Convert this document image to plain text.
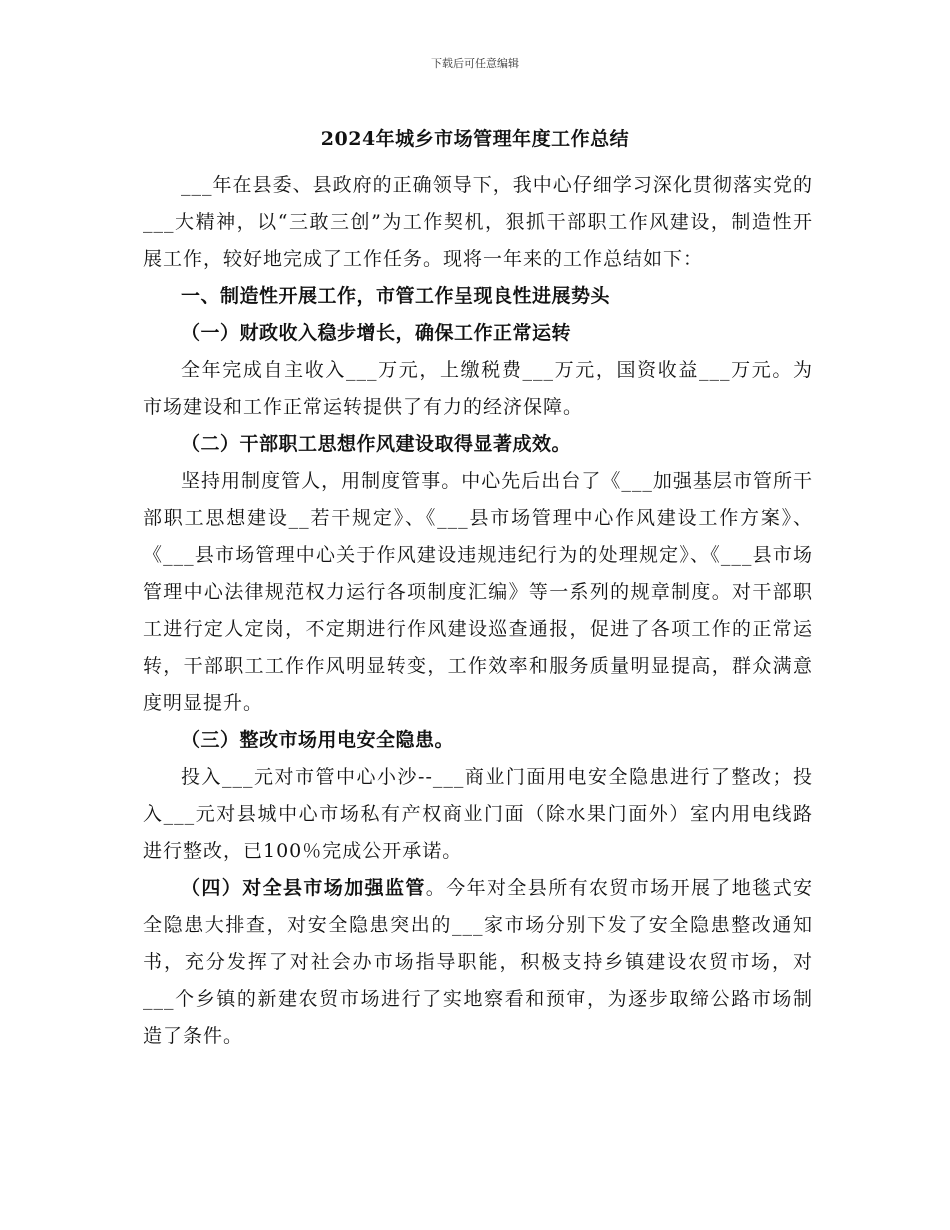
下载后可任意编辑
2024年城乡市场管理年度工作总结

___年在县委、县政府的正确领导下，我中心仔细学习深化贯彻落实党的___大精神，以“三敢三创”为工作契机，狠抓干部职工作风建设，制造性开展工作，较好地完成了工作任务。现将一年来的工作总结如下：

一、制造性开展工作，市管工作呈现良性进展势头

（一）财政收入稳步增长，确保工作正常运转

全年完成自主收入___万元，上缴税费___万元，国资收益___万元。为市场建设和工作正常运转提供了有力的经济保障。

（二）干部职工思想作风建设取得显著成效。

坚持用制度管人，用制度管事。中心先后出台了《___加强基层市管所干部职工思想建设__若干规定》、《___县市场管理中心作风建设工作方案》、《___县市场管理中心关于作风建设违规违纪行为的处理规定》、《___县市场管理中心法律规范权力运行各项制度汇编》等一系列的规章制度。对干部职工进行定人定岗，不定期进行作风建设巡查通报，促进了各项工作的正常运转，干部职工工作作风明显转变，工作效率和服务质量明显提高，群众满意度明显提升。

（三）整改市场用电安全隐患。

投入___元对市管中心小沙--___商业门面用电安全隐患进行了整改；投入___元对县城中心市场私有产权商业门面（除水果门面外）室内用电线路进行整改，已100％完成公开承诺。

（四）对全县市场加强监管。今年对全县所有农贸市场开展了地毯式安全隐患大排查，对安全隐患突出的___家市场分别下发了安全隐患整改通知书，充分发挥了对社会办市场指导职能，积极支持乡镇建设农贸市场，对___个乡镇的新建农贸市场进行了实地察看和预审，为逐步取缔公路市场制造了条件。
